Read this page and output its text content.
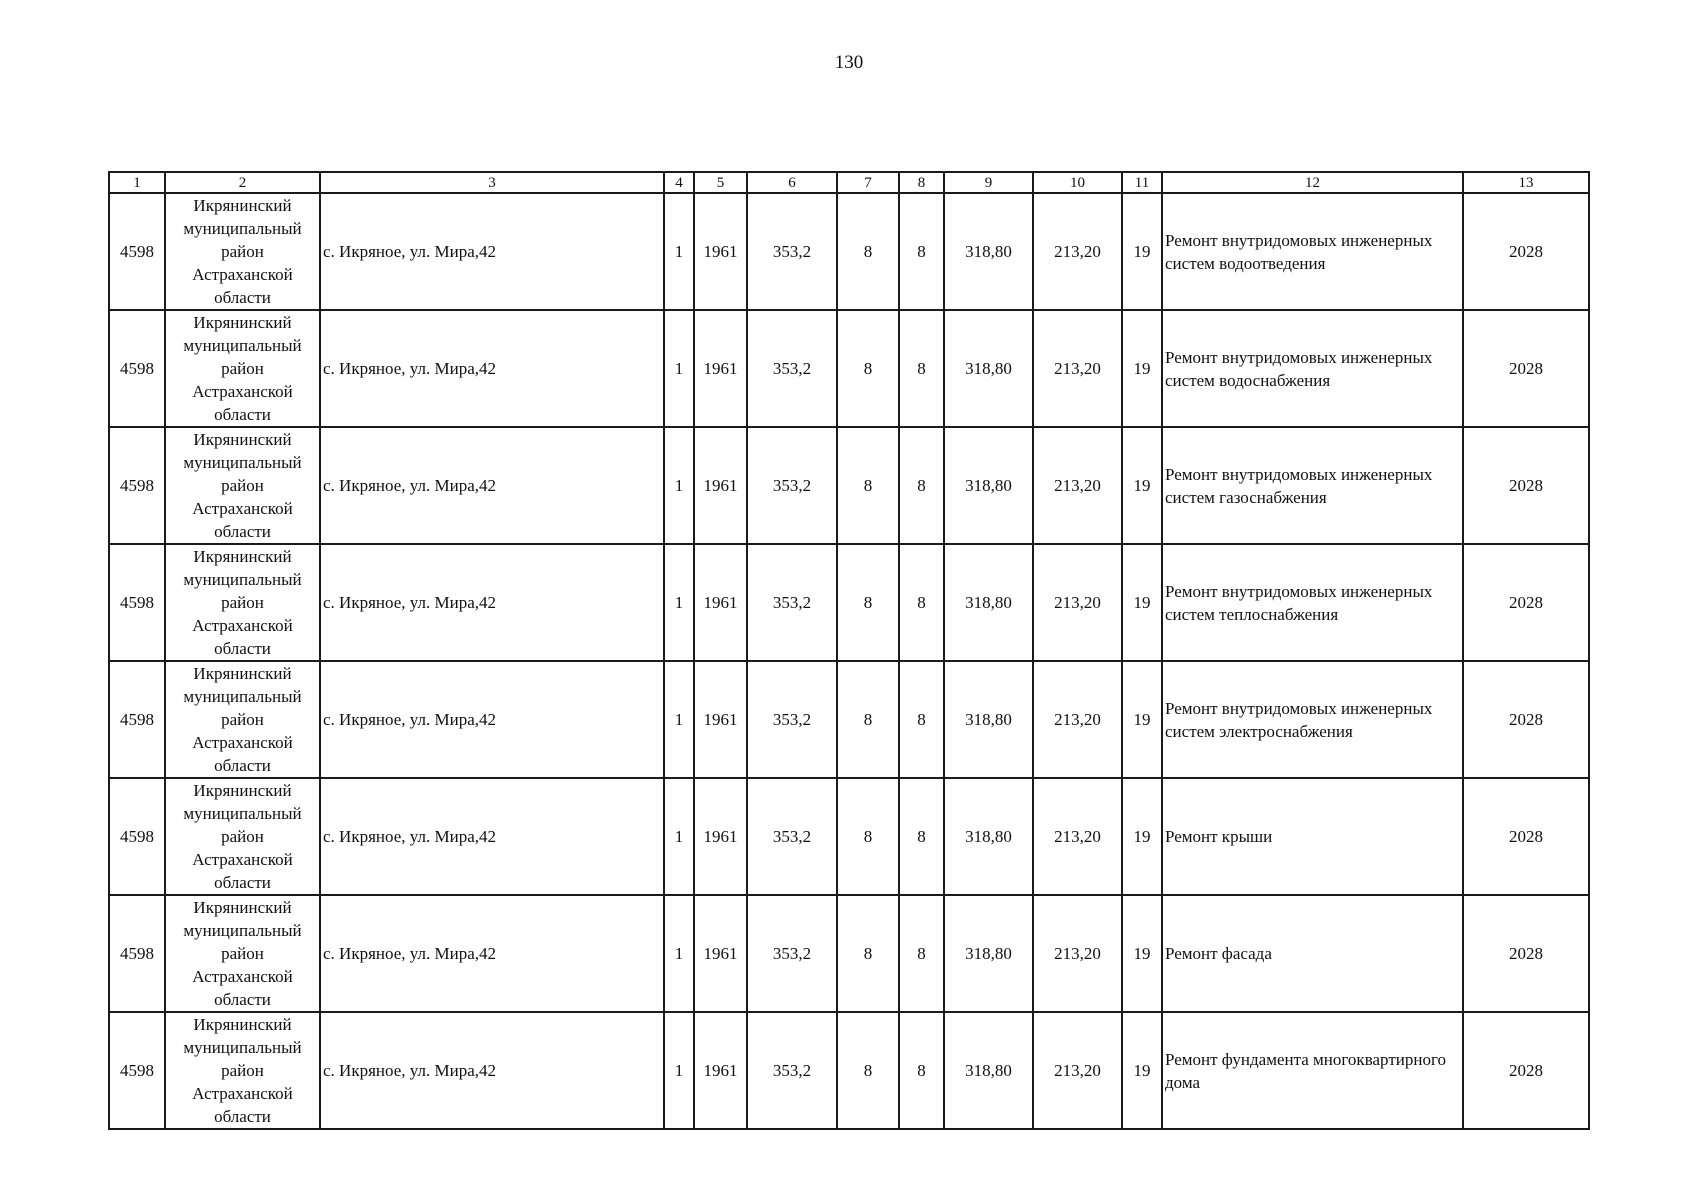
130
1	2	3	4	5	6	7	8	9	10	11	12	13
4598	Икрянинский
муниципальный
район
Астраханской
области	с. Икряное, ул. Мира,42	1	1961	353,2	8	8	318,80	213,20	19	Ремонт внутридомовых инженерных систем водоотведения	2028
4598	Икрянинский
муниципальный
район
Астраханской
области	с. Икряное, ул. Мира,42	1	1961	353,2	8	8	318,80	213,20	19	Ремонт внутридомовых инженерных систем водоснабжения	2028
4598	Икрянинский
муниципальный
район
Астраханской
области	с. Икряное, ул. Мира,42	1	1961	353,2	8	8	318,80	213,20	19	Ремонт внутридомовых инженерных систем газоснабжения	2028
4598	Икрянинский
муниципальный
район
Астраханской
области	с. Икряное, ул. Мира,42	1	1961	353,2	8	8	318,80	213,20	19	Ремонт внутридомовых инженерных систем теплоснабжения	2028
4598	Икрянинский
муниципальный
район
Астраханской
области	с. Икряное, ул. Мира,42	1	1961	353,2	8	8	318,80	213,20	19	Ремонт внутридомовых инженерных систем электроснабжения	2028
4598	Икрянинский
муниципальный
район
Астраханской
области	с. Икряное, ул. Мира,42	1	1961	353,2	8	8	318,80	213,20	19	Ремонт крыши	2028
4598	Икрянинский
муниципальный
район
Астраханской
области	с. Икряное, ул. Мира,42	1	1961	353,2	8	8	318,80	213,20	19	Ремонт фасада	2028
4598	Икрянинский
муниципальный
район
Астраханской
области	с. Икряное, ул. Мира,42	1	1961	353,2	8	8	318,80	213,20	19	Ремонт фундамента многоквартирного дома	2028
